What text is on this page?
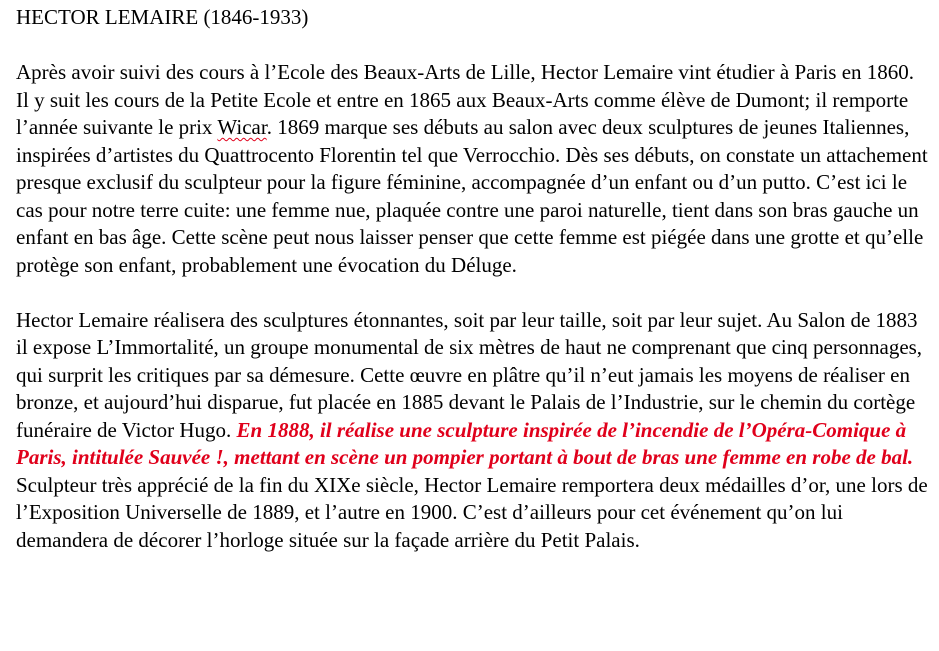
HECTOR LEMAIRE (1846-1933)

Après avoir suivi des cours à l’Ecole des Beaux-Arts de Lille, Hector Lemaire vint étudier à Paris en 1860. Il y suit les cours de la Petite Ecole et entre en 1865 aux Beaux-Arts comme élève de Dumont; il remporte l’année suivante le prix Wicar. 1869 marque ses débuts au salon avec deux sculptures de jeunes Italiennes, inspirées d’artistes du Quattrocento Florentin tel que Verrocchio. Dès ses débuts, on constate un attachement presque exclusif du sculpteur pour la figure féminine, accompagnée d’un enfant ou d’un putto. C’est ici le cas pour notre terre cuite: une femme nue, plaquée contre une paroi naturelle, tient dans son bras gauche un enfant en bas âge. Cette scène peut nous laisser penser que cette femme est piégée dans une grotte et qu’elle protège son enfant, probablement une évocation du Déluge.

Hector Lemaire réalisera des sculptures étonnantes, soit par leur taille, soit par leur sujet. Au Salon de 1883 il expose L’Immortalité, un groupe monumental de six mètres de haut ne comprenant que cinq personnages, qui surprit les critiques par sa démesure. Cette œuvre en plâtre qu’il n’eut jamais les moyens de réaliser en bronze, et aujourd’hui disparue, fut placée en 1885 devant le Palais de l’Industrie, sur le chemin du cortège funéraire de Victor Hugo. En 1888, il réalise une sculpture inspirée de l’incendie de l’Opéra-Comique à Paris, intitulée Sauvée !, mettant en scène un pompier portant à bout de bras une femme en robe de bal. Sculpteur très apprécié de la fin du XIXe siècle, Hector Lemaire remportera deux médailles d’or, une lors de l’Exposition Universelle de 1889, et l’autre en 1900. C’est d’ailleurs pour cet événement qu’on lui demandera de décorer l’horloge située sur la façade arrière du Petit Palais.
